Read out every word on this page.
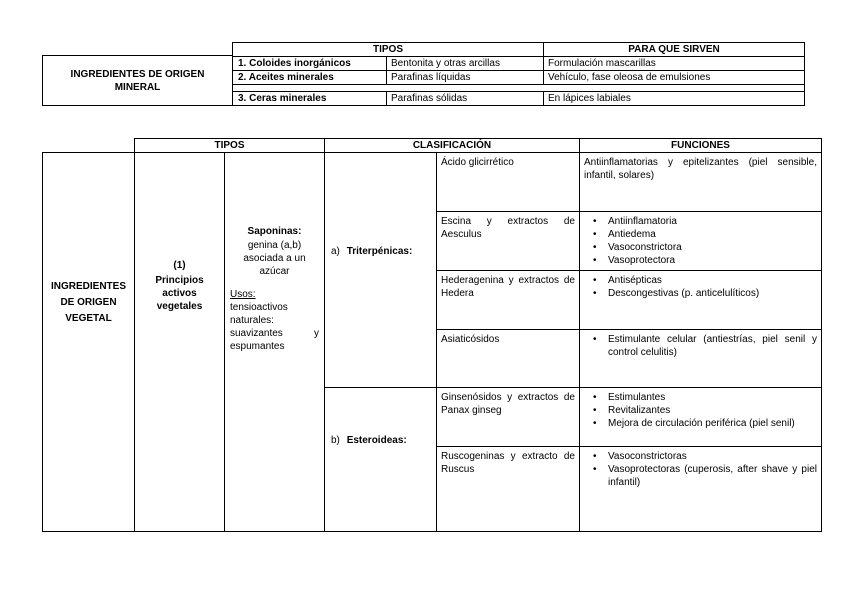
INGREDIENTES DE ORIGEN MINERAL
TIPOS	PARA QUE SIRVEN
1. Coloides inorgánicos	Bentonita y otras arcillas	Formulación mascarillas
2. Aceites minerales	Parafinas líquidas	Vehículo, fase oleosa de emulsiones
3. Ceras minerales	Parafinas sólidas	En lápices labiales
TIPOS	CLASIFICACIÓN	FUNCIONES
INGREDIENTES DE ORIGEN VEGETAL
(1)
Principios activos vegetales
Saponinas:
genina (a,b) asociada a un azúcar
Usos:
tensioactivos naturales: suavizantes y espumantes
a) Triterpénicas:
b) Esteroideas:
Ácido glicirrético	Antiinflamatorias y epitelizantes (piel sensible, infantil, solares)
Escina y extractos de Aesculus
• Antiinflamatoria
• Antiedema
• Vasoconstrictora
• Vasoprotectora
Hederagenina y extractos de Hedera
• Antisépticas
• Descongestivas (p. anticelulíticos)
Asiaticósidos
•	Estimulante celular (antiestrías, piel senil y control celulitis)
Ginsenósidos y extractos de Panax ginseg
• Estimulantes
• Revitalizantes
• Mejora de circulación periférica (piel senil)
Ruscogeninas y extracto de Ruscus
• Vasoconstrictoras
• Vasoprotectoras (cuperosis, after shave y piel infantil)
